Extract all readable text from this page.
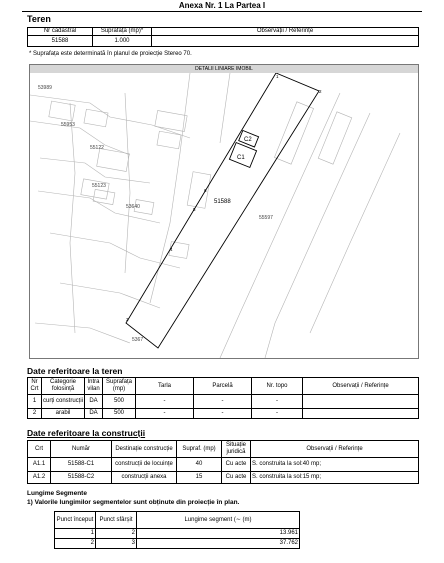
Anexa Nr. 1 La Partea I
Teren
Nr cadastral	Suprafața (mp)*	Observații / Referințe
51588	1.000	
* Suprafața este determinată în planul de proiecție Stereo 70.
DETALII LINIARE IMOBIL
53989
55953
55122
55123
53640
55597
5367
51588
C1
C2
1
2
3
4
5
6
Date referitoare la teren
Nr Crt	Categorie folosință	Intra vilan	Suprafața (mp)	Tarla	Parcelă	Nr. topo	Observații / Referințe
1	curți construcții	DA	500	-	-	-	
2	arabil	DA	500	-	-	-	
Date referitoare la construcții
Crt	Număr	Destinație construcție	Supraf. (mp)	Situație juridică	Observații / Referințe
A1.1	51588-C1	construcții de locuințe	40	Cu acte	S. construita la sol:40 mp;
A1.2	51588-C2	construcții anexa	15	Cu acte	S. construita la sol:15 mp;
Lungime Segmente
1) Valorile lungimilor segmentelor sunt obținute din proiecție în plan.
Punct început	Punct sfârșit	Lungime segment (∼ (m)
1	2	13.961
2	3	37.762
